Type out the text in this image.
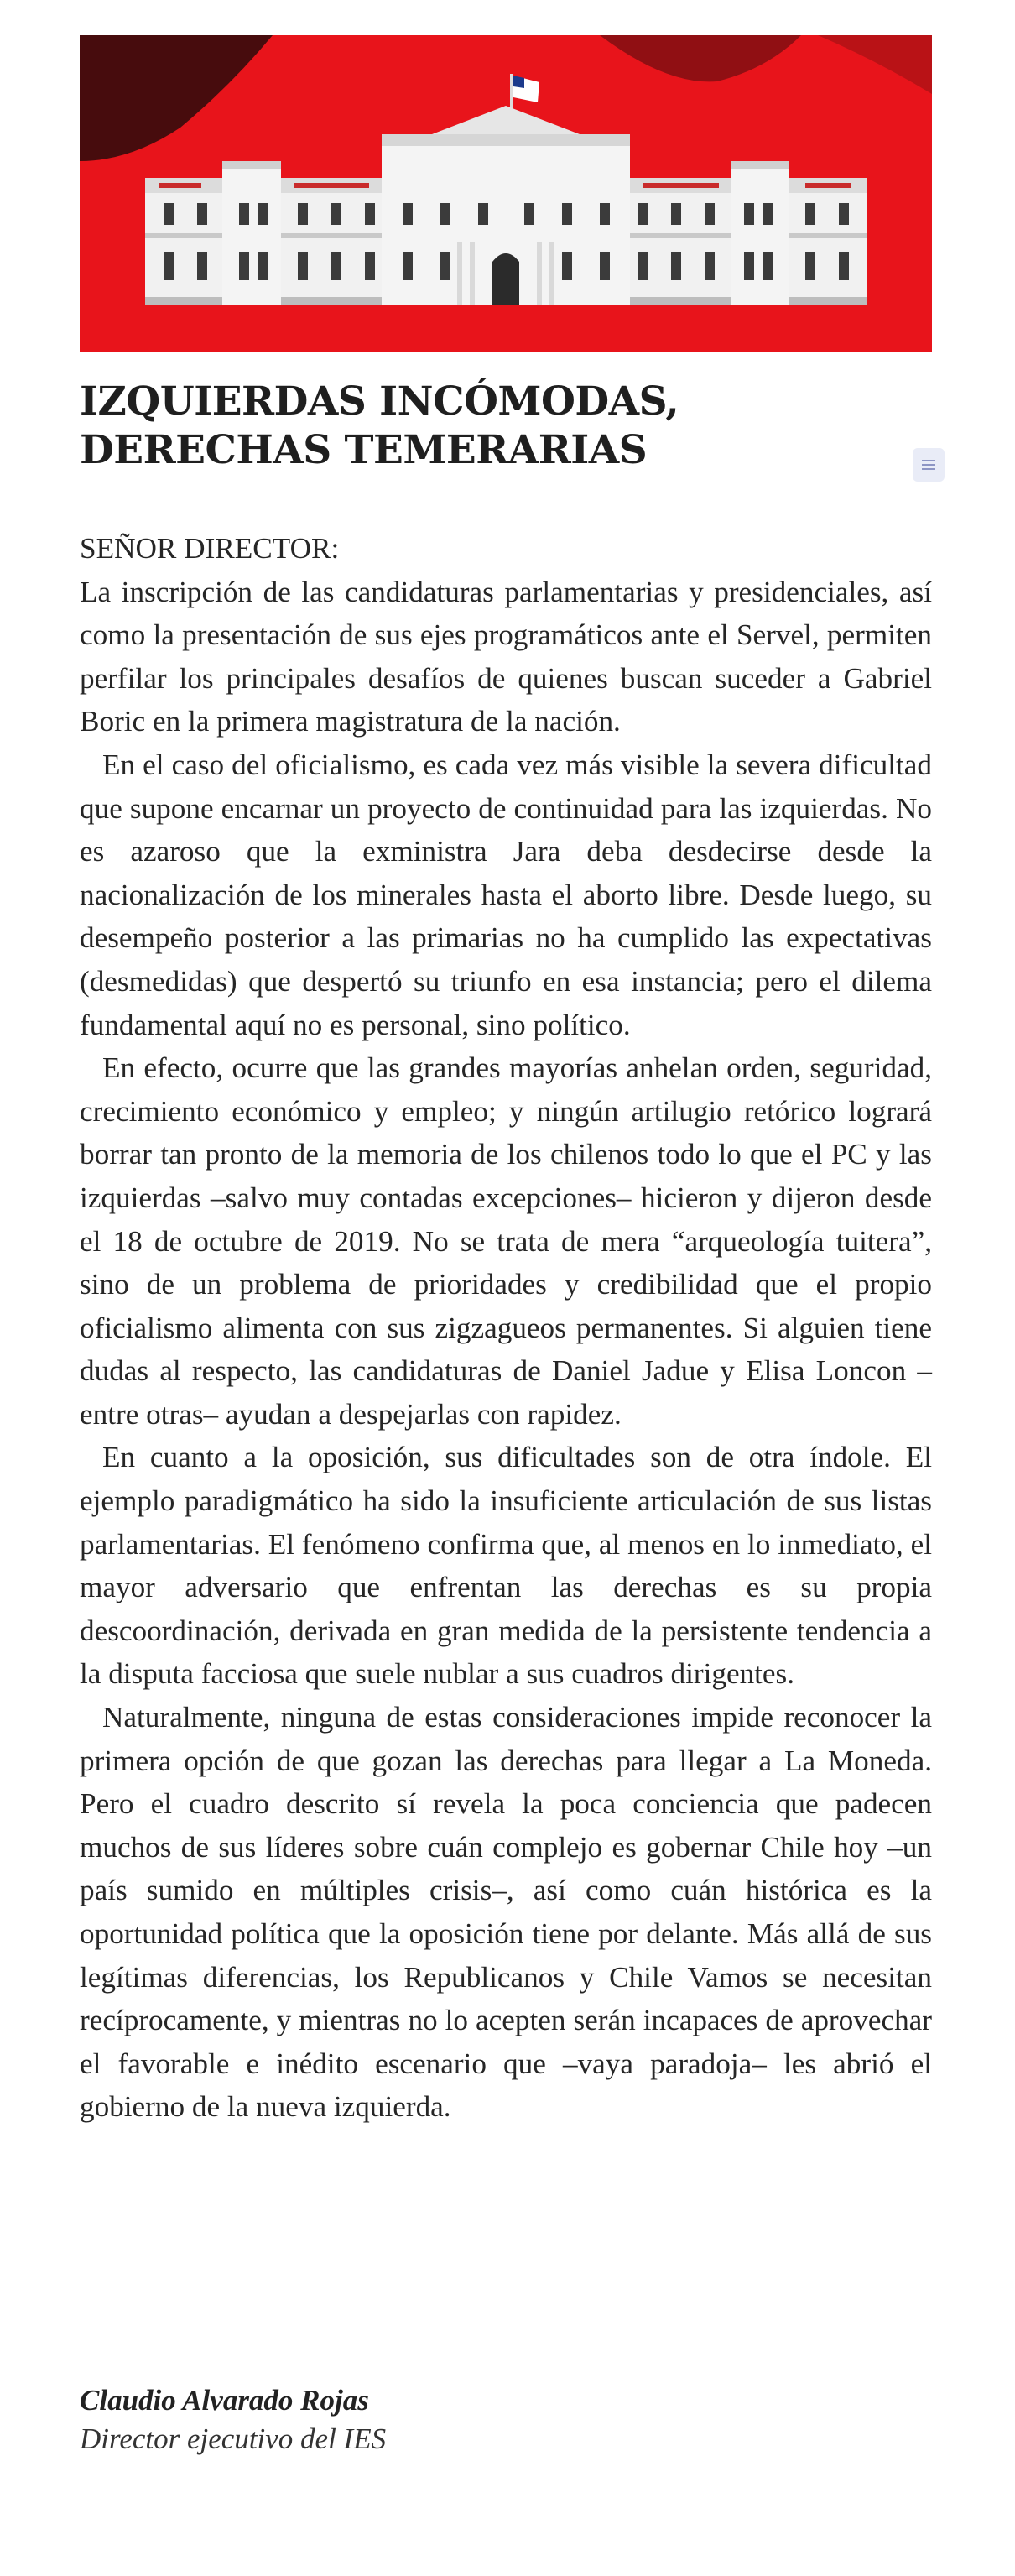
IZQUIERDAS INCÓMODAS, DERECHAS TEMERARIAS

SEÑOR DIRECTOR:

La inscripción de las candidaturas parlamentarias y presidenciales, así como la presentación de sus ejes programáticos ante el Servel, permiten perfilar los principales desafíos de quienes buscan suceder a Gabriel Boric en la primera magistratura de la nación.

En el caso del oficialismo, es cada vez más visible la severa dificultad que supone encarnar un proyecto de continuidad para las izquierdas. No es azaroso que la exministra Jara deba desdecirse desde la nacionalización de los minerales hasta el aborto libre. Desde luego, su desempeño posterior a las primarias no ha cumplido las expectativas (desmedidas) que despertó su triunfo en esa instancia; pero el dilema fundamental aquí no es personal, sino político.

En efecto, ocurre que las grandes mayorías anhelan orden, seguridad, crecimiento económico y empleo; y ningún artilugio retórico logrará borrar tan pronto de la memoria de los chilenos todo lo que el PC y las izquierdas –salvo muy contadas excepciones– hicieron y dijeron desde el 18 de octubre de 2019. No se trata de mera “arqueología tuitera”, sino de un problema de prioridades y credibilidad que el propio oficialismo alimenta con sus zigzagueos permanentes. Si alguien tiene dudas al respecto, las candidaturas de Daniel Jadue y Elisa Loncon –entre otras– ayudan a despejarlas con rapidez.

En cuanto a la oposición, sus dificultades son de otra índole. El ejemplo paradigmático ha sido la insuficiente articulación de sus listas parlamentarias. El fenómeno confirma que, al menos en lo inmediato, el mayor adversario que enfrentan las derechas es su propia descoordinación, derivada en gran medida de la persistente tendencia a la disputa facciosa que suele nublar a sus cuadros dirigentes.

Naturalmente, ninguna de estas consideraciones impide reconocer la primera opción de que gozan las derechas para llegar a La Moneda. Pero el cuadro descrito sí revela la poca conciencia que padecen muchos de sus líderes sobre cuán complejo es gobernar Chile hoy –un país sumido en múltiples crisis–, así como cuán histórica es la oportunidad política que la oposición tiene por delante. Más allá de sus legítimas diferencias, los Republicanos y Chile Vamos se necesitan recíprocamente, y mientras no lo acepten serán incapaces de aprovechar el favorable e inédito escenario que –vaya paradoja– les abrió el gobierno de la nueva izquierda.

Claudio Alvarado Rojas

Director ejecutivo del IES
